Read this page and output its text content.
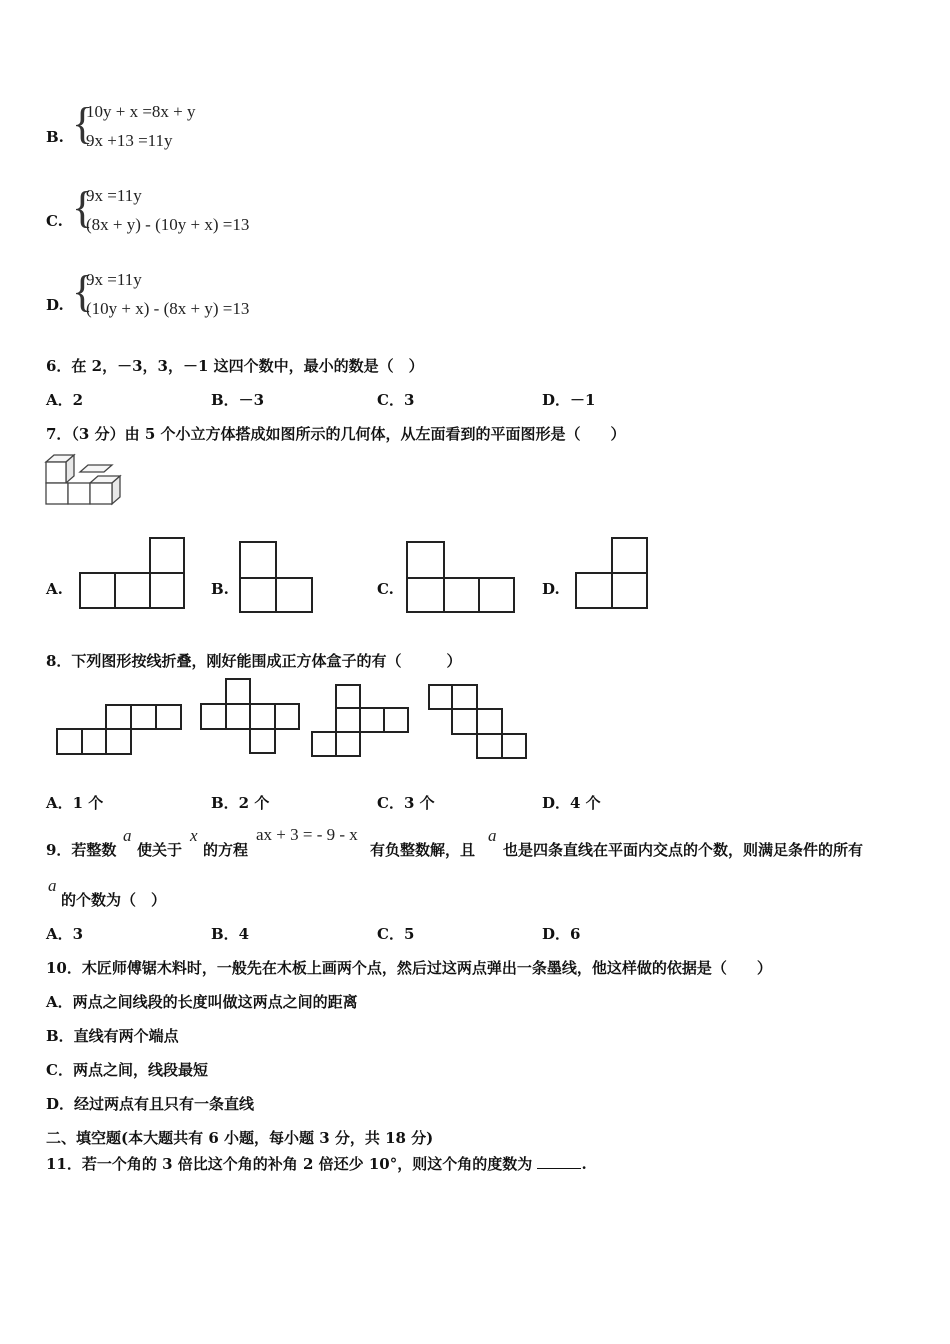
B. {
10y + x =8x + y
9x +13 =11y
C. {
9x =11y
(8x + y) - (10y + x) =13
D. {
9x =11y
(10y + x) - (8x + y) =13
6．在 2，－3，3，－1 这四个数中，最小的数是（　）
A．2	B．－3	C．3	D．－1
7．（3 分）由 5 个小立方体搭成如图所示的几何体，从左面看到的平面图形是（　　）
A.	B.	C.	D.
8．下列图形按线折叠，刚好能围成正方体盒子的有（　　　）
A．1 个	B．2 个	C．3 个	D．4 个
9．若整数
a
使关于
x
的方程
ax + 3 = - 9 - x
有负整数解，且
a
也是四条直线在平面内交点的个数，则满足条件的所有
a
的个数为（　）
A．3	B．4	C．5	D．6
10．木匠师傅锯木料时，一般先在木板上画两个点，然后过这两点弹出一条墨线，他这样做的依据是（　　）
A．两点之间线段的长度叫做这两点之间的距离
B．直线有两个端点
C．两点之间，线段最短
D．经过两点有且只有一条直线
二、填空题(本大题共有 6 小题，每小题 3 分，共 18 分)
11．若一个角的 3 倍比这个角的补角 2 倍还少 10°，则这个角的度数为	.
